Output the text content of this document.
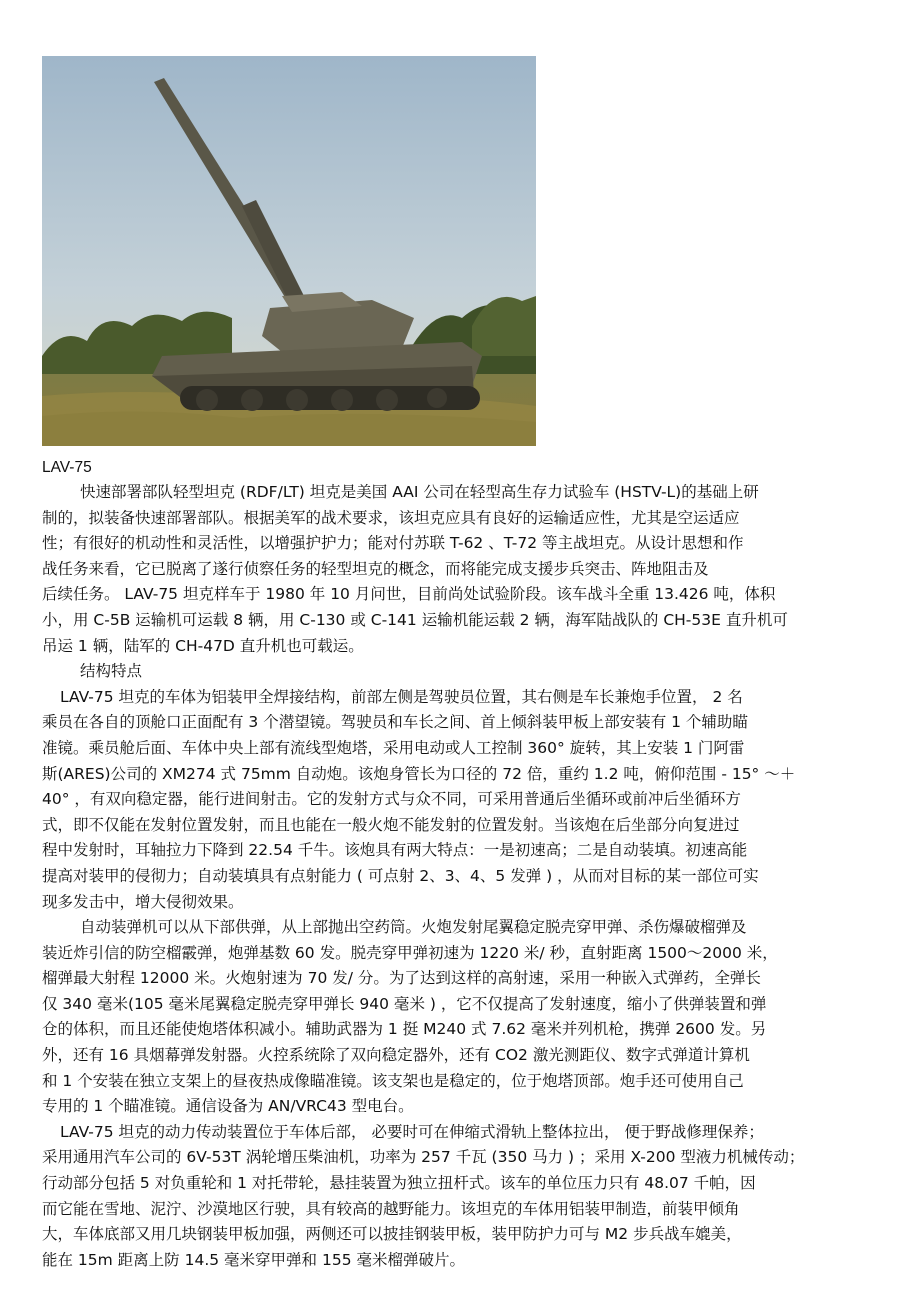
LAV-75
快速部署部队轻型坦克 (RDF/LT) 坦克是美国 AAI 公司在轻型高生存力试验车 (HSTV-L)的基础上研
制的，拟装备快速部署部队。根据美军的战术要求，该坦克应具有良好的运输适应性，尤其是空运适应
性；有很好的机动性和灵活性，以增强护护力；能对付苏联 T-62 、T-72 等主战坦克。从设计思想和作
战任务来看，它已脱离了遂行侦察任务的轻型坦克的概念，而将能完成支援步兵突击、阵地阻击及
后续任务。 LAV-75 坦克样车于 1980 年 10 月问世，目前尚处试验阶段。该车战斗全重 13.426 吨，体积
小，用 C-5B 运输机可运载 8 辆，用 C-130 或 C-141 运输机能运载 2 辆，海军陆战队的 CH-53E 直升机可
吊运 1 辆，陆军的 CH-47D 直升机也可载运。
结构特点
LAV-75 坦克的车体为铝装甲全焊接结构，前部左侧是驾驶员位置，其右侧是车长兼炮手位置， 2 名
乘员在各自的顶舱口正面配有 3 个潜望镜。驾驶员和车长之间、首上倾斜装甲板上部安装有 1 个辅助瞄
准镜。乘员舱后面、车体中央上部有流线型炮塔，采用电动或人工控制 360° 旋转，其上安装 1 门阿雷
斯(ARES)公司的 XM274 式 75mm 自动炮。该炮身管长为口径的 72 倍，重约 1.2 吨，俯仰范围 - 15° ～＋
40° ，有双向稳定器，能行进间射击。它的发射方式与众不同，可采用普通后坐循环或前冲后坐循环方
式，即不仅能在发射位置发射，而且也能在一般火炮不能发射的位置发射。当该炮在后坐部分向复进过
程中发射时，耳轴拉力下降到 22.54 千牛。该炮具有两大特点：一是初速高；二是自动装填。初速高能
提高对装甲的侵彻力；自动装填具有点射能力 ( 可点射 2、3、4、5 发弹 ) ，从而对目标的某一部位可实
现多发击中，增大侵彻效果。
自动装弹机可以从下部供弹，从上部抛出空药筒。火炮发射尾翼稳定脱壳穿甲弹、杀伤爆破榴弹及
装近炸引信的防空榴霰弹，炮弹基数 60 发。脱壳穿甲弹初速为 1220 米/ 秒，直射距离 1500～2000 米，
榴弹最大射程 12000 米。火炮射速为 70 发/ 分。为了达到这样的高射速，采用一种嵌入式弹药，全弹长
仅 340 毫米(105 毫米尾翼稳定脱壳穿甲弹长 940 毫米 ) ，它不仅提高了发射速度，缩小了供弹装置和弹
仓的体积，而且还能使炮塔体积减小。辅助武器为 1 挺 M240 式 7.62 毫米并列机枪，携弹 2600 发。另
外，还有 16 具烟幕弹发射器。火控系统除了双向稳定器外，还有 CO2 激光测距仪、数字式弹道计算机
和 1 个安装在独立支架上的昼夜热成像瞄准镜。该支架也是稳定的，位于炮塔顶部。炮手还可使用自己
专用的 1 个瞄准镜。通信设备为 AN/VRC43 型电台。
LAV-75 坦克的动力传动装置位于车体后部， 必要时可在伸缩式滑轨上整体拉出， 便于野战修理保养；
采用通用汽车公司的 6V-53T 涡轮增压柴油机，功率为 257 千瓦 (350 马力 ) ；采用 X-200 型液力机械传动；
行动部分包括 5 对负重轮和 1 对托带轮，悬挂装置为独立扭杆式。该车的单位压力只有 48.07 千帕，因
而它能在雪地、泥泞、沙漠地区行驶，具有较高的越野能力。该坦克的车体用铝装甲制造，前装甲倾角
大，车体底部又用几块钢装甲板加强，两侧还可以披挂钢装甲板，装甲防护力可与 M2 步兵战车媲美，
能在 15m 距离上防 14.5 毫米穿甲弹和 155 毫米榴弹破片。
